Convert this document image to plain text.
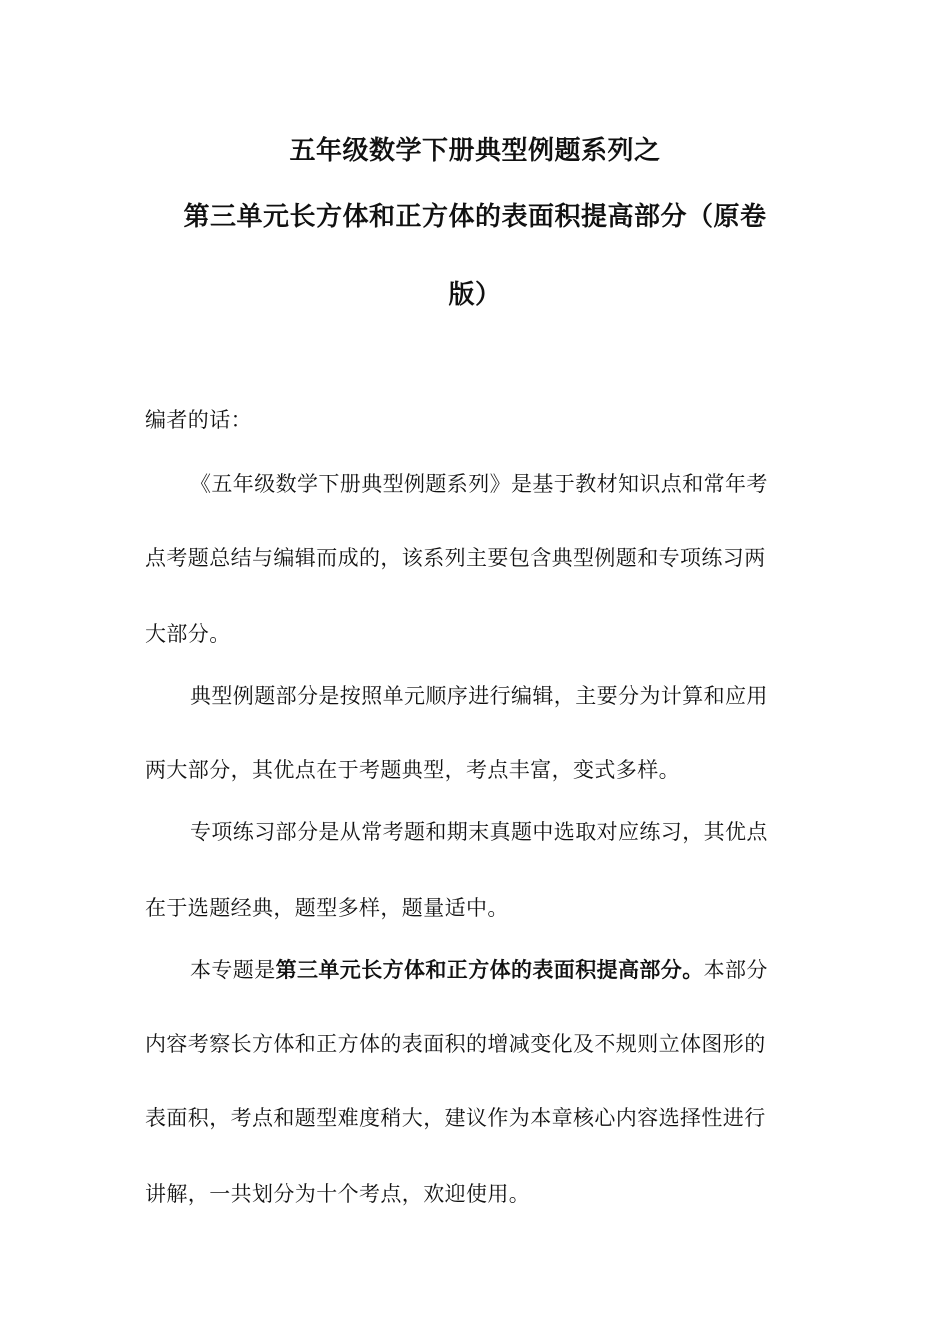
五年级数学下册典型例题系列之
第三单元长方体和正方体的表面积提高部分（原卷
版）
编者的话：
《五年级数学下册典型例题系列》是基于教材知识点和常年考
点考题总结与编辑而成的，该系列主要包含典型例题和专项练习两
大部分。
典型例题部分是按照单元顺序进行编辑，主要分为计算和应用
两大部分，其优点在于考题典型，考点丰富，变式多样。
专项练习部分是从常考题和期末真题中选取对应练习，其优点
在于选题经典，题型多样，题量适中。
本专题是第三单元长方体和正方体的表面积提高部分。本部分
内容考察长方体和正方体的表面积的增减变化及不规则立体图形的
表面积，考点和题型难度稍大，建议作为本章核心内容选择性进行
讲解，一共划分为十个考点，欢迎使用。
